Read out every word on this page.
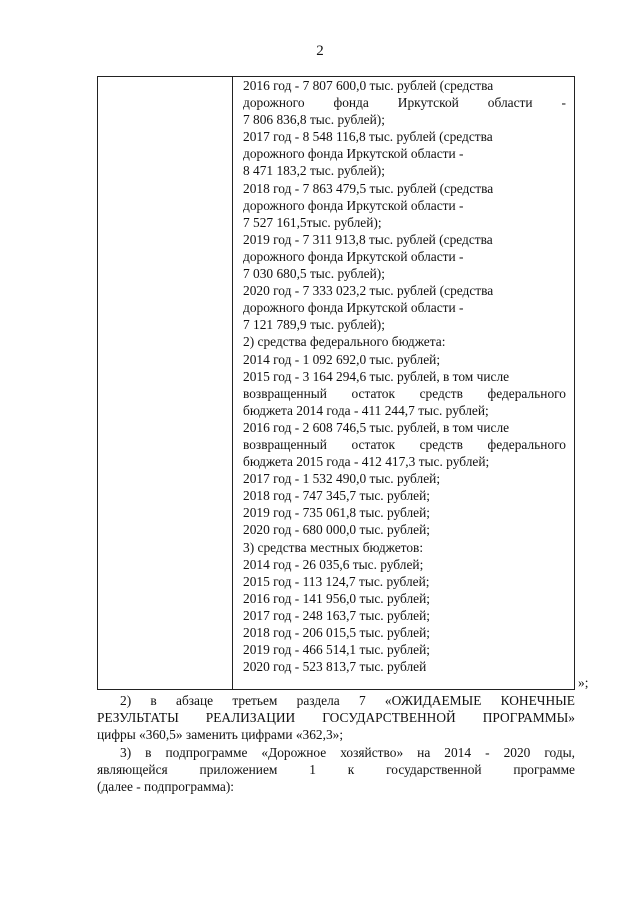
2
2016 год - 7 807 600,0 тыс. рублей (средства
дорожного фонда Иркутской области -
7 806 836,8 тыс. рублей);
2017 год - 8 548 116,8 тыс. рублей (средства
дорожного фонда Иркутской области -
8 471 183,2 тыс. рублей);
2018 год - 7 863 479,5 тыс. рублей (средства
дорожного фонда Иркутской области -
7 527 161,5тыс. рублей);
2019 год - 7 311 913,8 тыс. рублей (средства
дорожного фонда Иркутской области -
7 030 680,5 тыс. рублей);
2020 год - 7 333 023,2 тыс. рублей (средства
дорожного фонда Иркутской области -
7 121 789,9 тыс. рублей);
2) средства федерального бюджета:
2014 год - 1 092 692,0 тыс. рублей;
2015 год - 3 164 294,6 тыс. рублей, в том числе
возвращенный остаток средств федерального
бюджета 2014 года - 411 244,7 тыс. рублей;
2016 год - 2 608 746,5 тыс. рублей, в том числе
возвращенный остаток средств федерального
бюджета 2015 года - 412 417,3 тыс. рублей;
2017 год - 1 532 490,0 тыс. рублей;
2018 год - 747 345,7 тыс. рублей;
2019 год - 735 061,8 тыс. рублей;
2020 год - 680 000,0 тыс. рублей;
3) средства местных бюджетов:
2014 год - 26 035,6 тыс. рублей;
2015 год - 113 124,7 тыс. рублей;
2016 год - 141 956,0 тыс. рублей;
2017 год - 248 163,7 тыс. рублей;
2018 год - 206 015,5 тыс. рублей;
2019 год - 466 514,1 тыс. рублей;
2020 год - 523 813,7 тыс. рублей
»;
2) в абзаце третьем раздела 7 «ОЖИДАЕМЫЕ КОНЕЧНЫЕ
РЕЗУЛЬТАТЫ РЕАЛИЗАЦИИ ГОСУДАРСТВЕННОЙ ПРОГРАММЫ»
цифры «360,5» заменить цифрами «362,3»;
3) в подпрограмме «Дорожное хозяйство» на 2014 - 2020 годы,
являющейся приложением 1 к государственной программе
(далее - подпрограмма):
